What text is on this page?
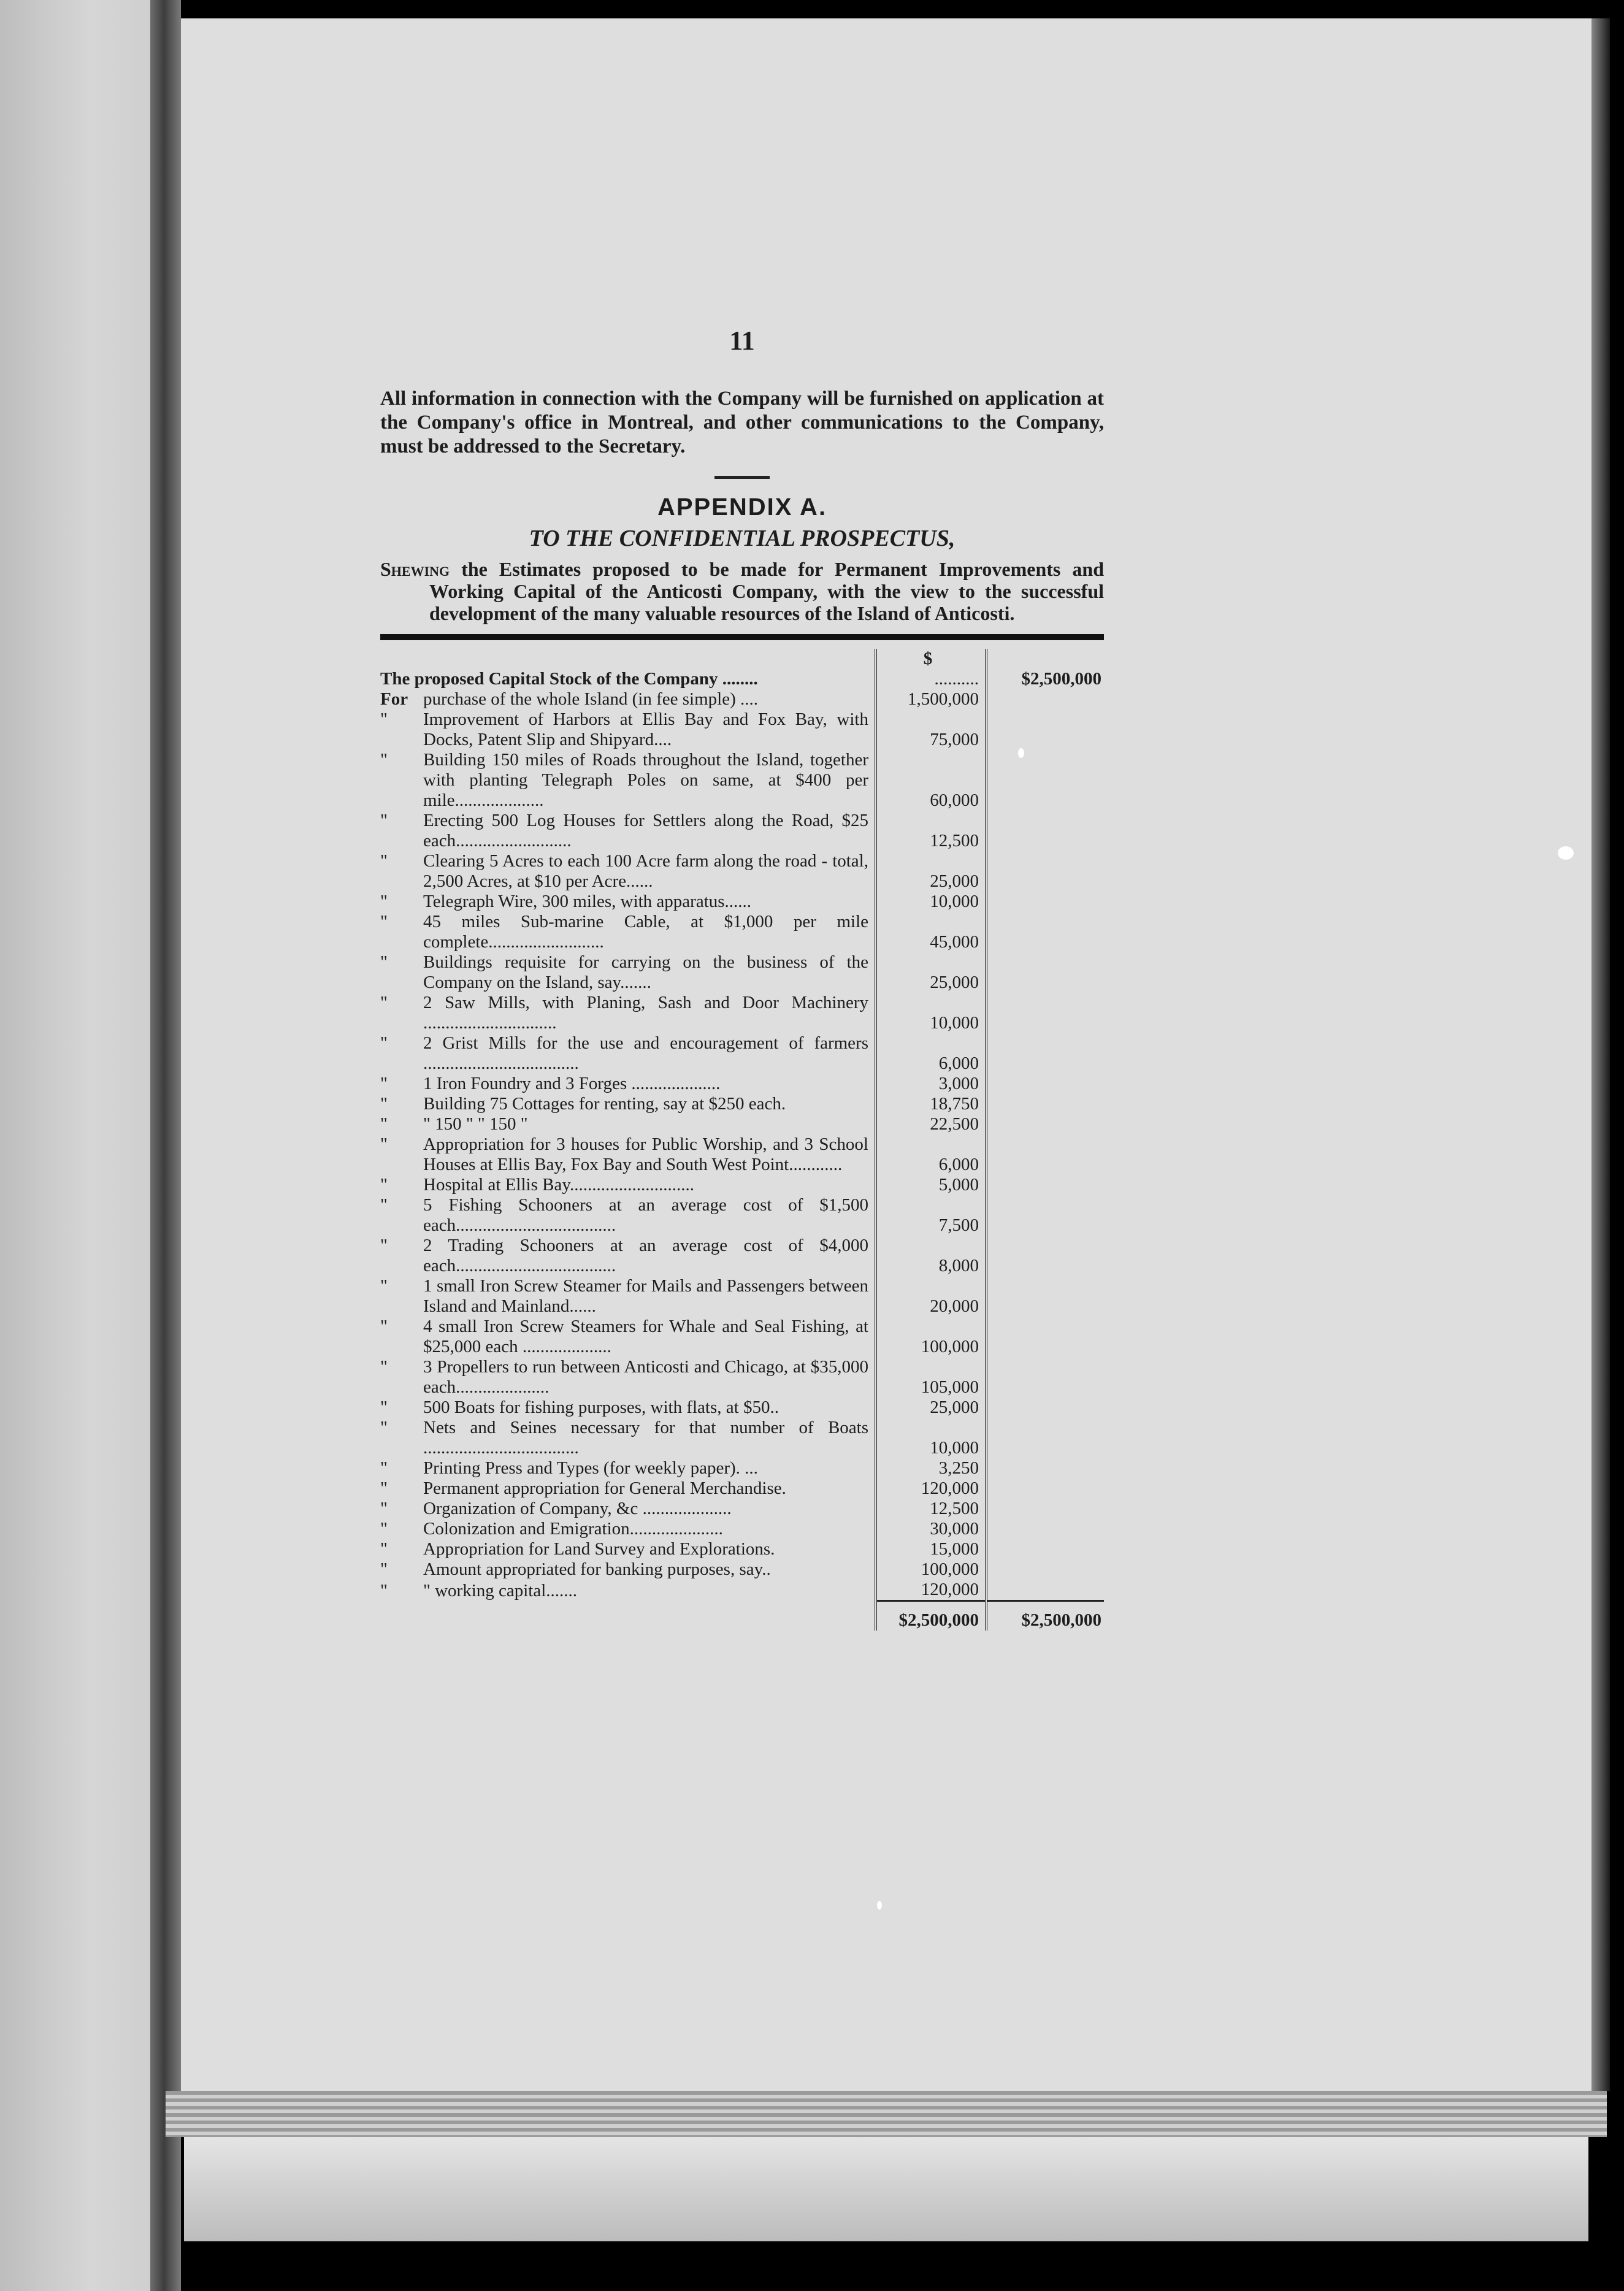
11

All information in connection with the Company will be furnished on application at the Company's office in Montreal, and other communications to the Company, must be addressed to the Secretary.

APPENDIX A.
TO THE CONFIDENTIAL PROSPECTUS,

Shewing the Estimates proposed to be made for Permanent Improvements and Working Capital of the Anticosti Company, with the view to the successful development of the many valuable resources of the Island of Anticosti.

	$	
The proposed Capital Stock of the Company ........	..........	$2,500,000

For purchase of the whole Island (in fee simple) ....	1,500,000	

" Improvement of Harbors at Ellis Bay and Fox Bay, with Docks, Patent Slip and Shipyard....	75,000	

" Building 150 miles of Roads throughout the Island, together with planting Telegraph Poles on same, at $400 per mile....................	60,000	

" Erecting 500 Log Houses for Settlers along the Road, $25 each..........................	12,500	

" Clearing 5 Acres to each 100 Acre farm along the road - total, 2,500 Acres, at $10 per Acre......	25,000	

" Telegraph Wire, 300 miles, with apparatus......	10,000	

" 45 miles Sub-marine Cable, at $1,000 per mile complete..........................	45,000	

" Buildings requisite for carrying on the business of the Company on the Island, say.......	25,000	

" 2 Saw Mills, with Planing, Sash and Door Machinery ..............................	10,000	

" 2 Grist Mills for the use and encouragement of farmers ...................................	6,000	

" 1 Iron Foundry and 3 Forges ....................	3,000	

" Building 75 Cottages for renting, say at $250 each.	18,750	

" " 150 " " 150 "	22,500	

" Appropriation for 3 houses for Public Worship, and 3 School Houses at Ellis Bay, Fox Bay and South West Point............	6,000	

" Hospital at Ellis Bay............................	5,000	

" 5 Fishing Schooners at an average cost of $1,500 each....................................	7,500	

" 2 Trading Schooners at an average cost of $4,000 each....................................	8,000	

" 1 small Iron Screw Steamer for Mails and Passengers between Island and Mainland......	20,000	

" 4 small Iron Screw Steamers for Whale and Seal Fishing, at $25,000 each ....................	100,000	

" 3 Propellers to run between Anticosti and Chicago, at $35,000 each.....................	105,000	

" 500 Boats for fishing purposes, with flats, at $50..	25,000	

" Nets and Seines necessary for that number of Boats ...................................	10,000	

" Printing Press and Types (for weekly paper). ...	3,250	

" Permanent appropriation for General Merchandise.	120,000	

" Organization of Company, &c ....................	12,500	

" Colonization and Emigration.....................	30,000	

" Appropriation for Land Survey and Explorations.	15,000	

" Amount appropriated for banking purposes, say..	100,000	

" " working capital.......	120,000	
	$2,500,000	$2,500,000
